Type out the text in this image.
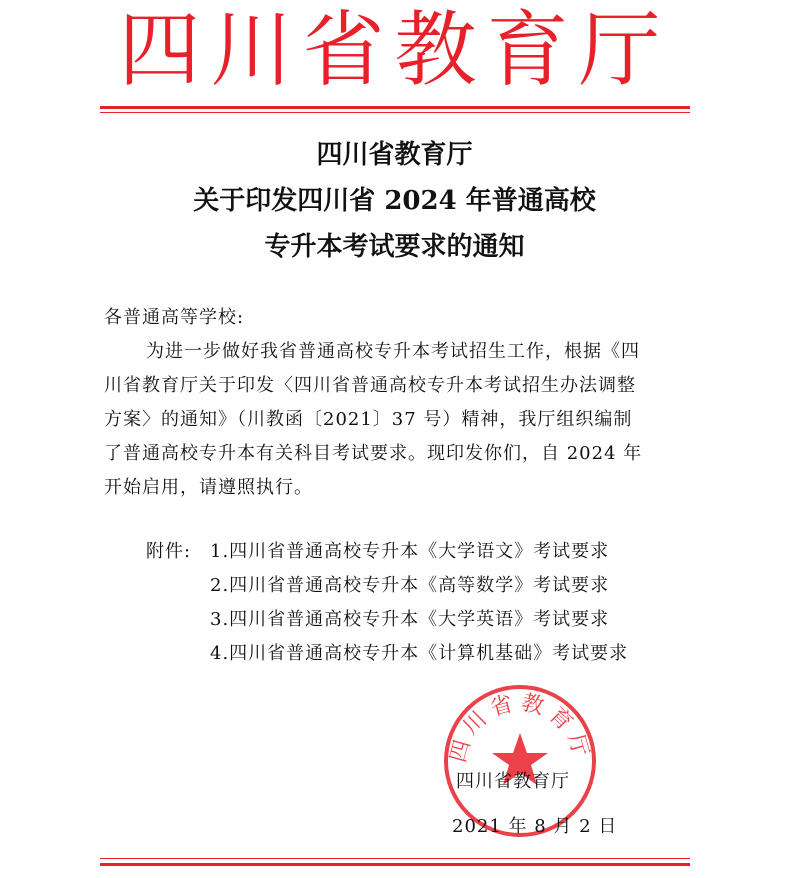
四川省教育厅
四川省教育厅
关于印发四川省 2024 年普通高校
专升本考试要求的通知
各普通高等学校:
为进一步做好我省普通高校专升本考试招生工作，根据《四
川省教育厅关于印发〈四川省普通高校专升本考试招生办法调整
方案〉的通知》（川教函〔2021〕37 号）精神，我厅组织编制
了普通高校专升本有关科目考试要求。现印发你们，自 2024 年
开始启用，请遵照执行。
附件: 1.四川省普通高校专升本《大学语文》考试要求
2.四川省普通高校专升本《高等数学》考试要求
3.四川省普通高校专升本《大学英语》考试要求
4.四川省普通高校专升本《计算机基础》考试要求
四川省教育厅
四川省教育厅
2021 年 8 月 2 日
